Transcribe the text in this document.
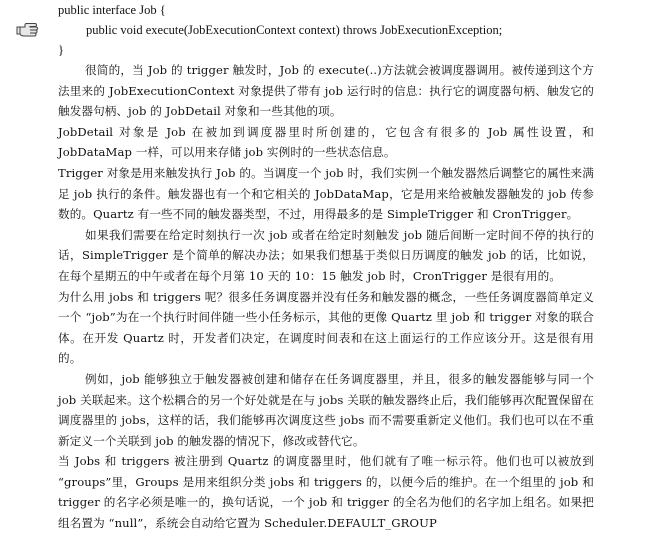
public interface Job {
public void execute(JobExecutionContext context) throws JobExecutionException;
}

很简的，当 Job 的 trigger 触发时，Job 的 execute(..)方法就会被调度器调用。被传递到这个方法里来的 JobExecutionContext 对象提供了带有 job 运行时的信息：执行它的调度器句柄、触发它的触发器句柄、job 的 JobDetail 对象和一些其他的项。

JobDetail 对象是 Job 在被加到调度器里时所创建的，它包含有很多的 Job 属性设置，和 JobDataMap 一样，可以用来存储 job 实例时的一些状态信息。

Trigger 对象是用来触发执行 Job 的。当调度一个 job 时，我们实例一个触发器然后调整它的属性来满足 job 执行的条件。触发器也有一个和它相关的 JobDataMap，它是用来给被触发器触发的 job 传参数的。Quartz 有一些不同的触发器类型，不过，用得最多的是 SimpleTrigger 和 CronTrigger。

如果我们需要在给定时刻执行一次 job 或者在给定时刻触发 job 随后间断一定时间不停的执行的话，SimpleTrigger 是个简单的解决办法；如果我们想基于类似日历调度的触发 job 的话，比如说，在每个星期五的中午或者在每个月第 10 天的 10：15 触发 job 时，CronTrigger 是很有用的。

为什么用 jobs 和 triggers 呢？很多任务调度器并没有任务和触发器的概念，一些任务调度器简单定义一个 “job”为在一个执行时间伴随一些小任务标示，其他的更像 Quartz 里 job 和 trigger 对象的联合体。在开发 Quartz 时，开发者们决定，在调度时间表和在这上面运行的工作应该分开。这是很有用的。

例如，job 能够独立于触发器被创建和储存在任务调度器里，并且，很多的触发器能够与同一个 job 关联起来。这个松耦合的另一个好处就是在与 jobs 关联的触发器终止后，我们能够再次配置保留在调度器里的 jobs，这样的话，我们能够再次调度这些 jobs 而不需要重新定义他们。我们也可以在不重新定义一个关联到 job 的触发器的情况下，修改或替代它。

当 Jobs 和 triggers 被注册到 Quartz 的调度器里时，他们就有了唯一标示符。他们也可以被放到 “groups”里，Groups 是用来组织分类 jobs 和 triggers 的，以便今后的维护。在一个组里的 job 和 trigger 的名字必须是唯一的，换句话说，一个 job 和 trigger 的全名为他们的名字加上组名。如果把组名置为 “null”，系统会自动给它置为 Scheduler.DEFAULT_GROUP
